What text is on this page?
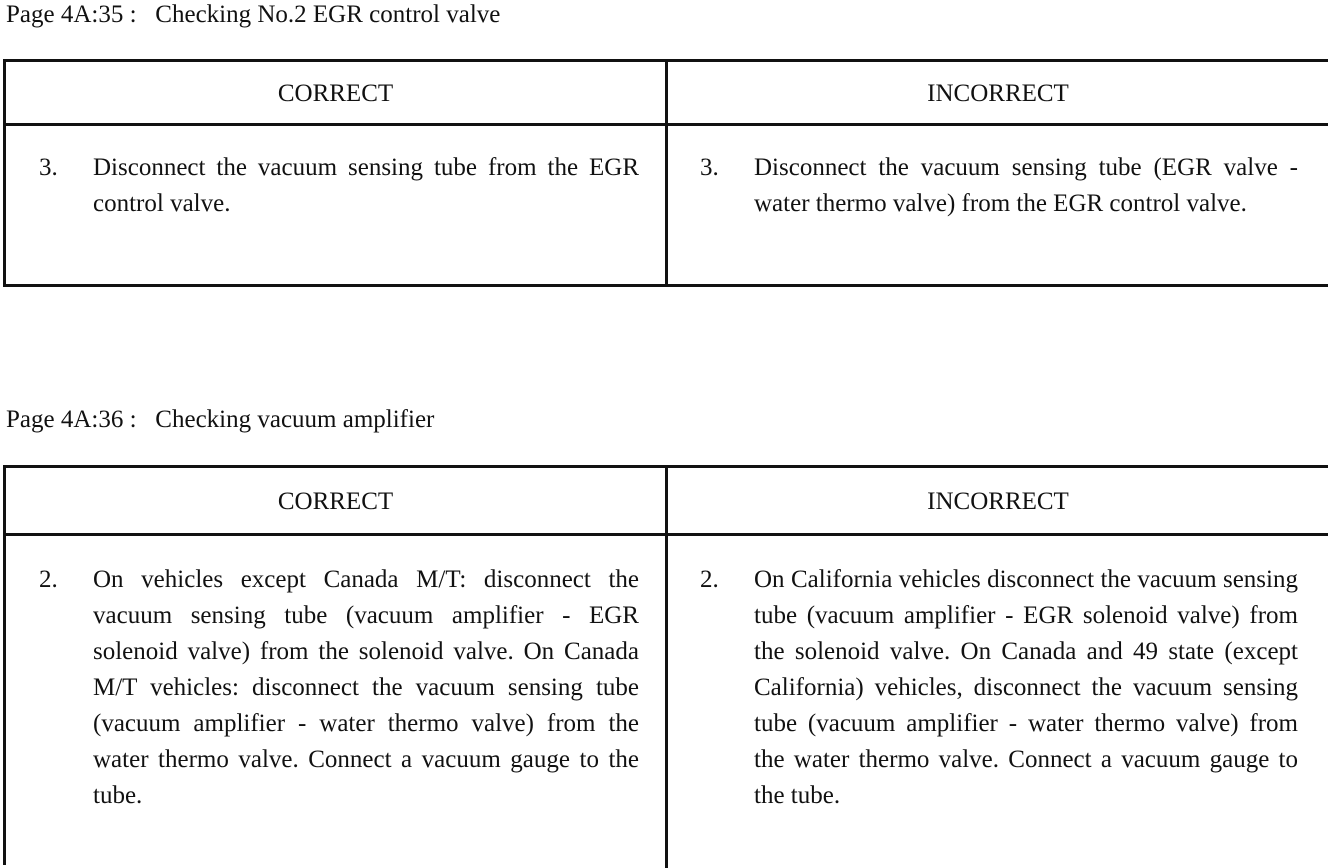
Page 4A:35 :   Checking No.2 EGR control valve
CORRECT	INCORRECT
3. Disconnect the vacuum sensing tube from the EGR control valve.
3. Disconnect the vacuum sensing tube (EGR valve - water thermo valve) from the EGR control valve.
Page 4A:36 :   Checking vacuum amplifier
CORRECT	INCORRECT
2. On vehicles except Canada M/T: disconnect the vacuum sensing tube (vacuum amplifier - EGR solenoid valve) from the solenoid valve. On Canada M/T vehicles: disconnect the vacuum sensing tube (vacuum amplifier - water thermo valve) from the water thermo valve. Connect a vacuum gauge to the tube.
2. On California vehicles disconnect the vacuum sensing tube (vacuum amplifier - EGR solenoid valve) from the solenoid valve. On Canada and 49 state (except California) vehicles, disconnect the vacuum sensing tube (vacuum amplifier - water thermo valve) from the water thermo valve. Connect a vacuum gauge to the tube.
